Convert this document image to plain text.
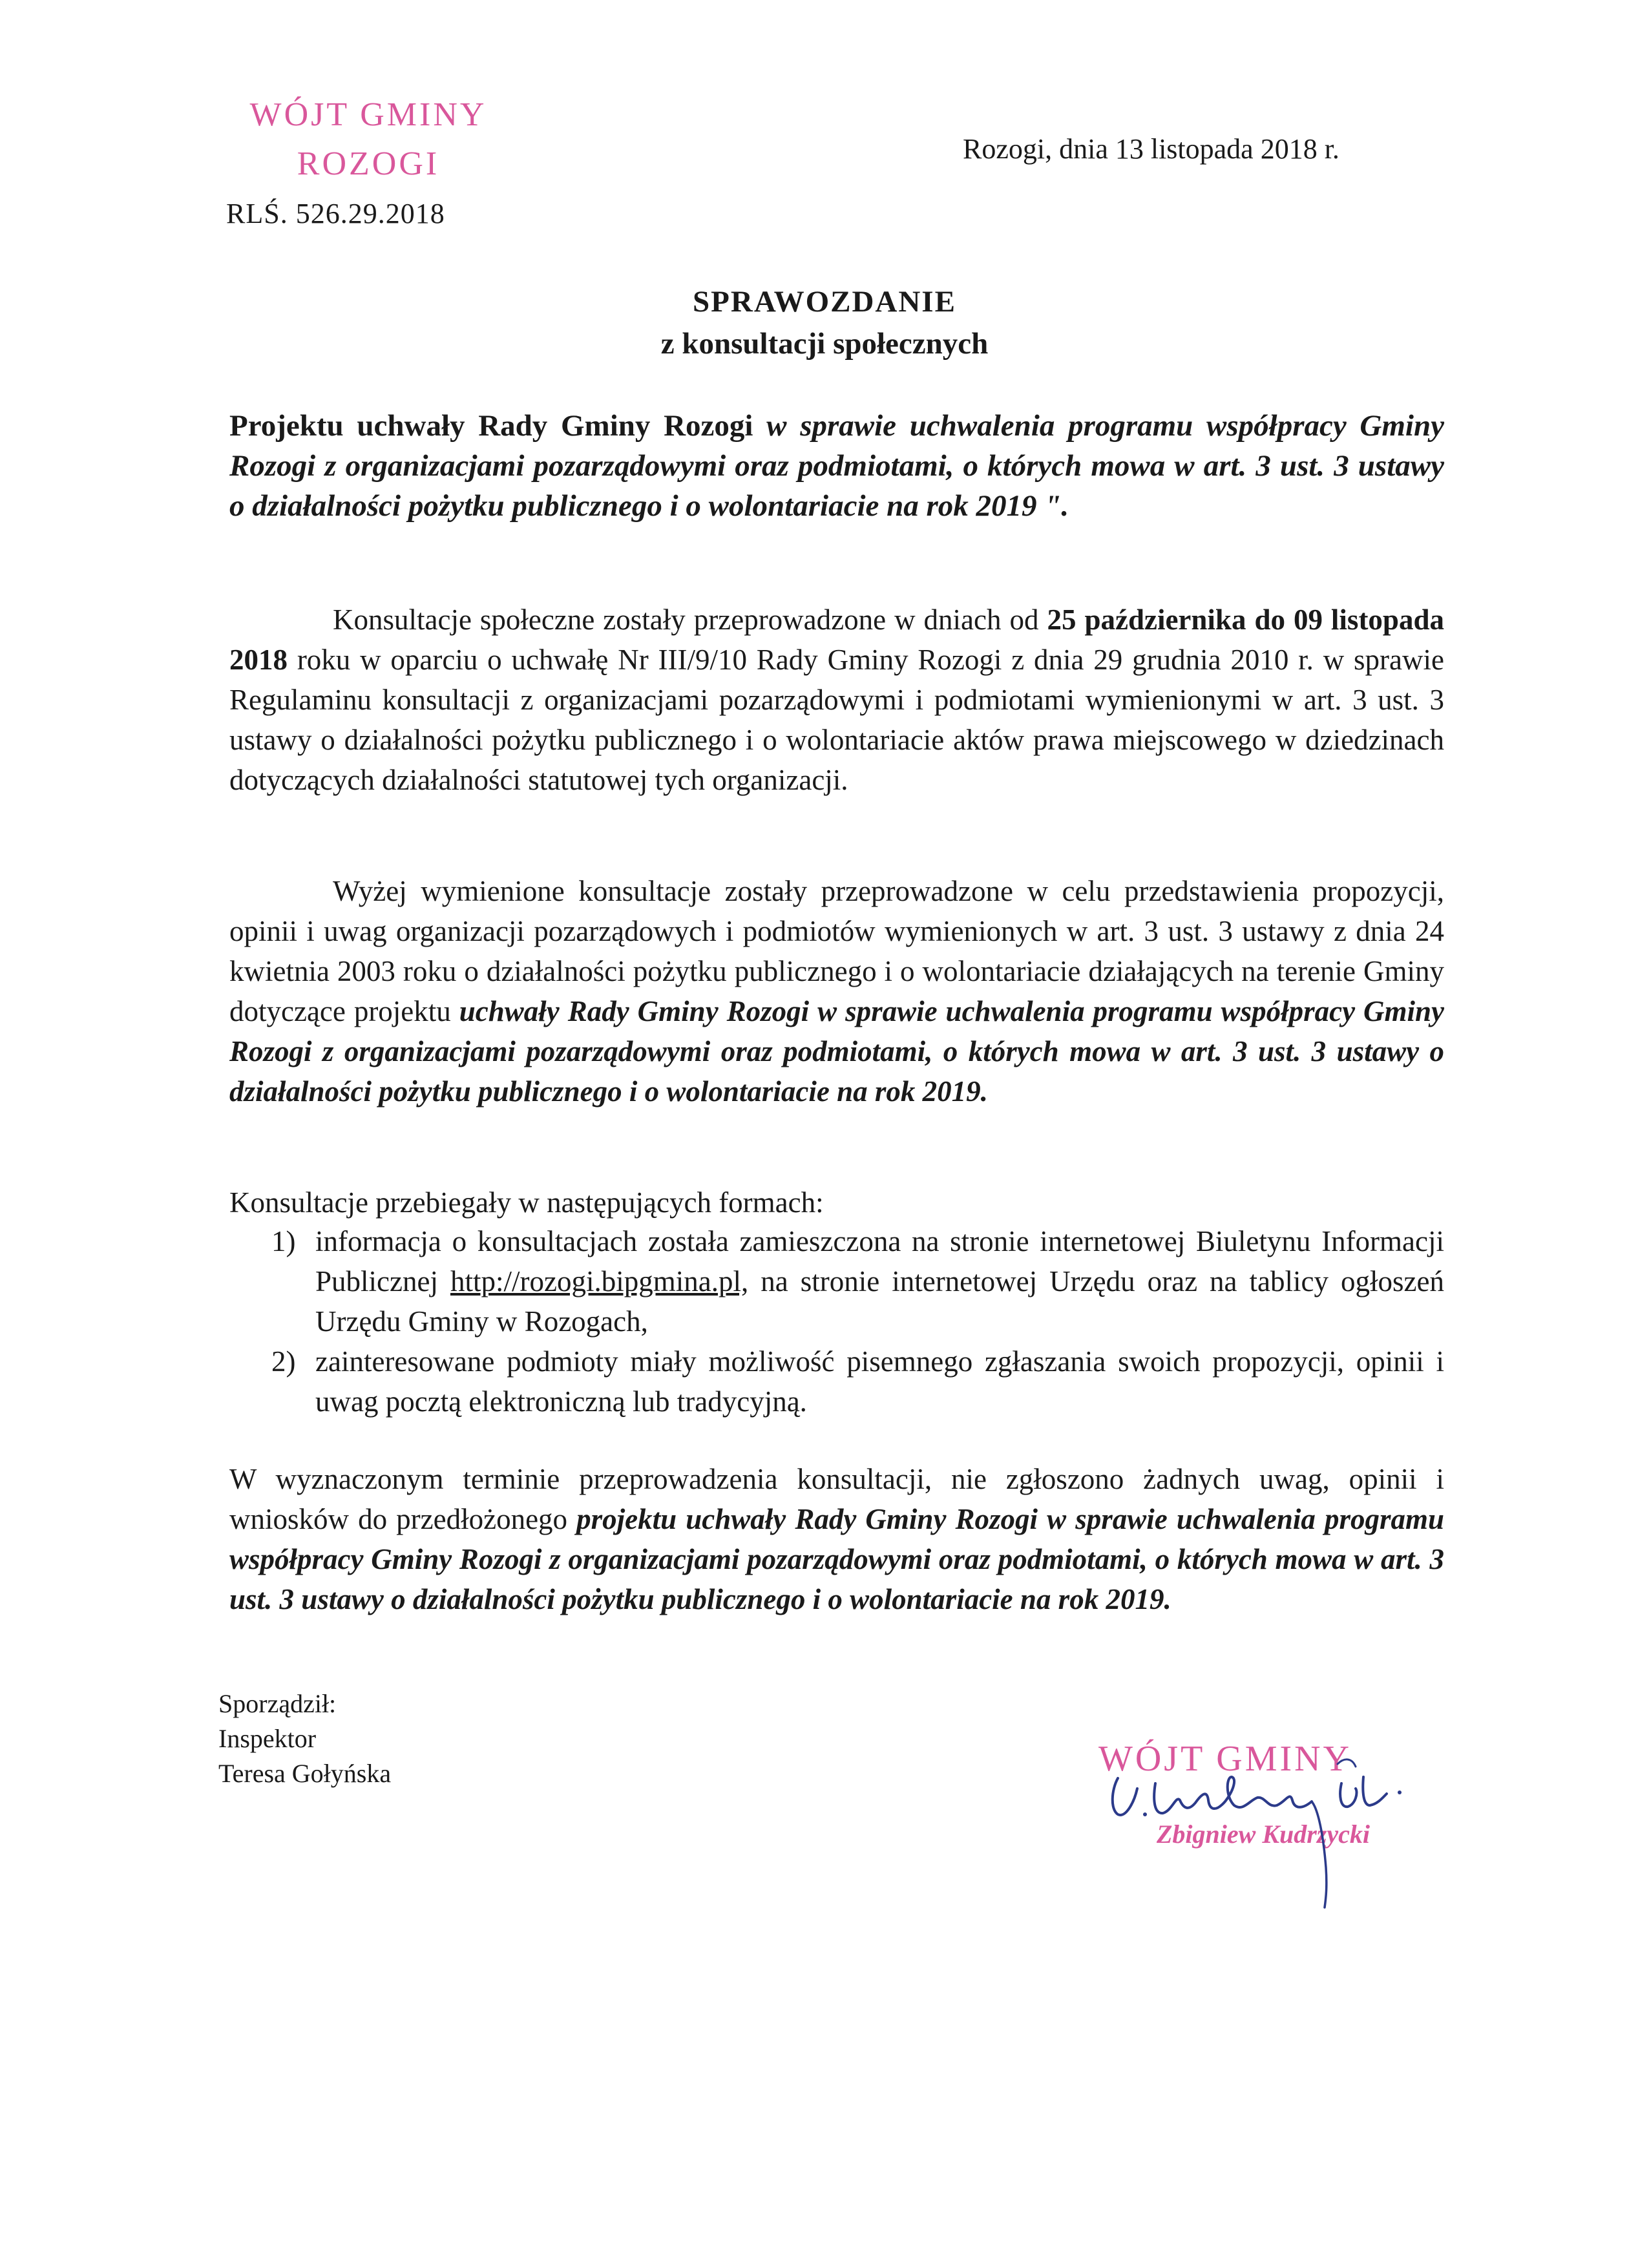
WÓJT GMINY
ROZOGI
RLŚ. 526.29.2018
Rozogi, dnia 13 listopada 2018 r.
SPRAWOZDANIE
z konsultacji społecznych
Projektu uchwały Rady Gminy Rozogi w sprawie uchwalenia programu współpracy Gminy Rozogi z organizacjami pozarządowymi oraz podmiotami, o których mowa w art. 3 ust. 3 ustawy o działalności pożytku publicznego i o wolontariacie na rok 2019 ".
Konsultacje społeczne zostały przeprowadzone w dniach od 25 października do 09 listopada 2018 roku w oparciu o uchwałę Nr III/9/10 Rady Gminy Rozogi z dnia 29 grudnia 2010 r. w sprawie Regulaminu konsultacji z organizacjami pozarządowymi i podmiotami wymienionymi w art. 3 ust. 3 ustawy o działalności pożytku publicznego i o wolontariacie aktów prawa miejscowego w dziedzinach dotyczących działalności statutowej tych organizacji.
Wyżej wymienione konsultacje zostały przeprowadzone w celu przedstawienia propozycji, opinii i uwag organizacji pozarządowych i podmiotów wymienionych w art. 3 ust. 3 ustawy z dnia 24 kwietnia 2003 roku o działalności pożytku publicznego i o wolontariacie działających na terenie Gminy dotyczące projektu uchwały Rady Gminy Rozogi w sprawie uchwalenia programu współpracy Gminy Rozogi z organizacjami pozarządowymi oraz podmiotami, o których mowa w art. 3 ust. 3 ustawy o działalności pożytku publicznego i o wolontariacie na rok 2019.
Konsultacje przebiegały w następujących formach:
1) informacja o konsultacjach została zamieszczona na stronie internetowej Biuletynu Informacji Publicznej http://rozogi.bipgmina.pl, na stronie internetowej Urzędu oraz na tablicy ogłoszeń Urzędu Gminy w Rozogach,
2) zainteresowane podmioty miały możliwość pisemnego zgłaszania swoich propozycji, opinii i uwag pocztą elektroniczną lub tradycyjną.
W wyznaczonym terminie przeprowadzenia konsultacji, nie zgłoszono żadnych uwag, opinii i wniosków do przedłożonego projektu uchwały Rady Gminy Rozogi w sprawie uchwalenia programu współpracy Gminy Rozogi z organizacjami pozarządowymi oraz podmiotami, o których mowa w art. 3 ust. 3 ustawy o działalności pożytku publicznego i o wolontariacie na rok 2019.
Sporządził:
Inspektor
Teresa Gołyńska	WÓJT GMINY
Zbigniew Kudrzycki
